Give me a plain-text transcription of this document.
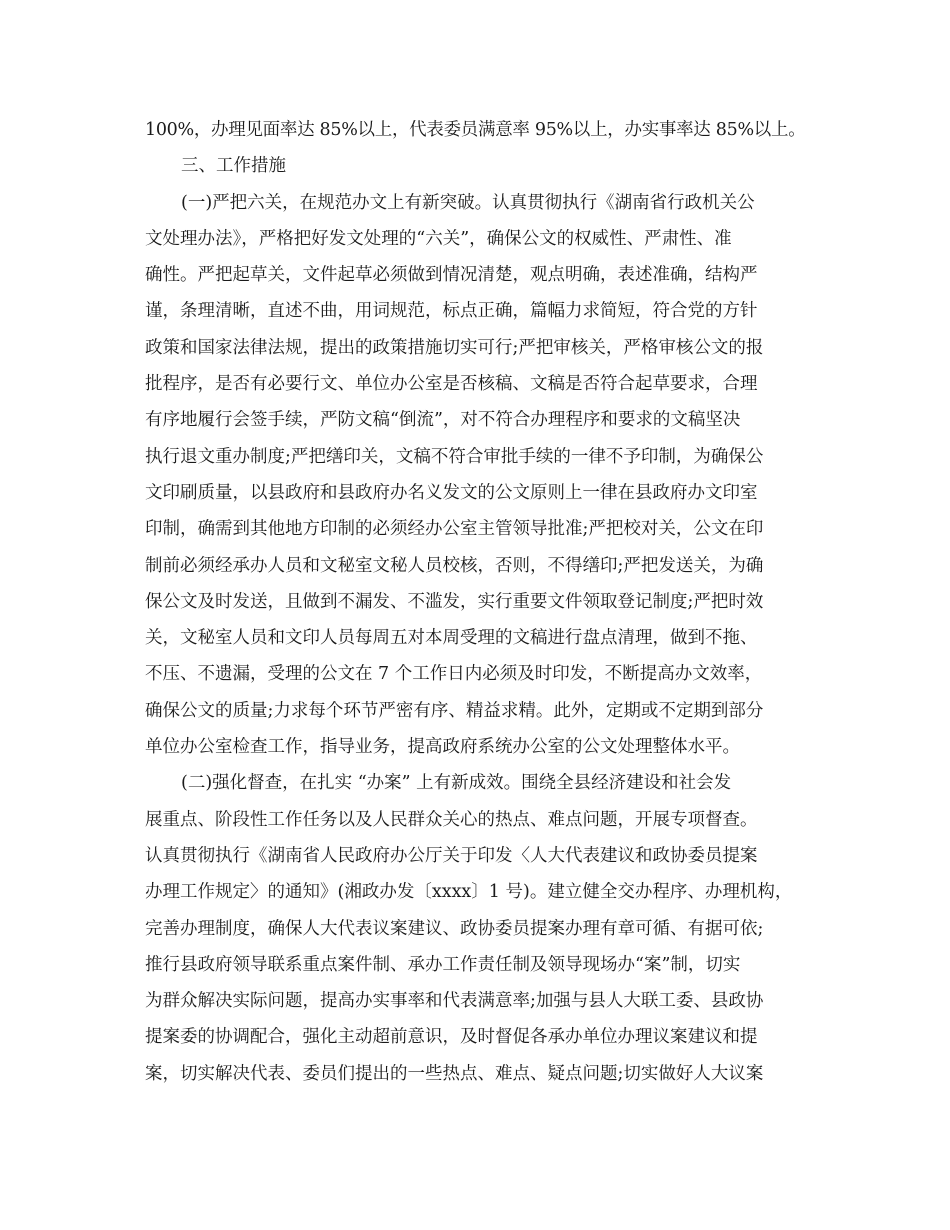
100%，办理见面率达 85%以上，代表委员满意率 95%以上，办实事率达 85%以上。
三、工作措施
(一)严把六关，在规范办文上有新突破。认真贯彻执行《湖南省行政机关公
文处理办法》，严格把好发文处理的“六关”，确保公文的权威性、严肃性、准
确性。严把起草关，文件起草必须做到情况清楚，观点明确，表述准确，结构严
谨，条理清晰，直述不曲，用词规范，标点正确，篇幅力求简短，符合党的方针
政策和国家法律法规，提出的政策措施切实可行;严把审核关，严格审核公文的报
批程序，是否有必要行文、单位办公室是否核稿、文稿是否符合起草要求，合理
有序地履行会签手续，严防文稿“倒流”，对不符合办理程序和要求的文稿坚决
执行退文重办制度;严把缮印关，文稿不符合审批手续的一律不予印制，为确保公
文印刷质量，以县政府和县政府办名义发文的公文原则上一律在县政府办文印室
印制，确需到其他地方印制的必须经办公室主管领导批准;严把校对关，公文在印
制前必须经承办人员和文秘室文秘人员校核，否则，不得缮印;严把发送关，为确
保公文及时发送，且做到不漏发、不滥发，实行重要文件领取登记制度;严把时效
关，文秘室人员和文印人员每周五对本周受理的文稿进行盘点清理，做到不拖、
不压、不遗漏，受理的公文在 7 个工作日内必须及时印发，不断提高办文效率，
确保公文的质量;力求每个环节严密有序、精益求精。此外，定期或不定期到部分
单位办公室检查工作，指导业务，提高政府系统办公室的公文处理整体水平。
(二)强化督查，在扎实 “办案” 上有新成效。围绕全县经济建设和社会发
展重点、阶段性工作任务以及人民群众关心的热点、难点问题，开展专项督查。
认真贯彻执行《湖南省人民政府办公厅关于印发〈人大代表建议和政协委员提案
办理工作规定〉的通知》(湘政办发〔xxxx〕1 号)。建立健全交办程序、办理机构，
完善办理制度，确保人大代表议案建议、政协委员提案办理有章可循、有据可依;
推行县政府领导联系重点案件制、承办工作责任制及领导现场办“案”制，切实
为群众解决实际问题，提高办实事率和代表满意率;加强与县人大联工委、县政协
提案委的协调配合，强化主动超前意识，及时督促各承办单位办理议案建议和提
案，切实解决代表、委员们提出的一些热点、难点、疑点问题;切实做好人大议案
